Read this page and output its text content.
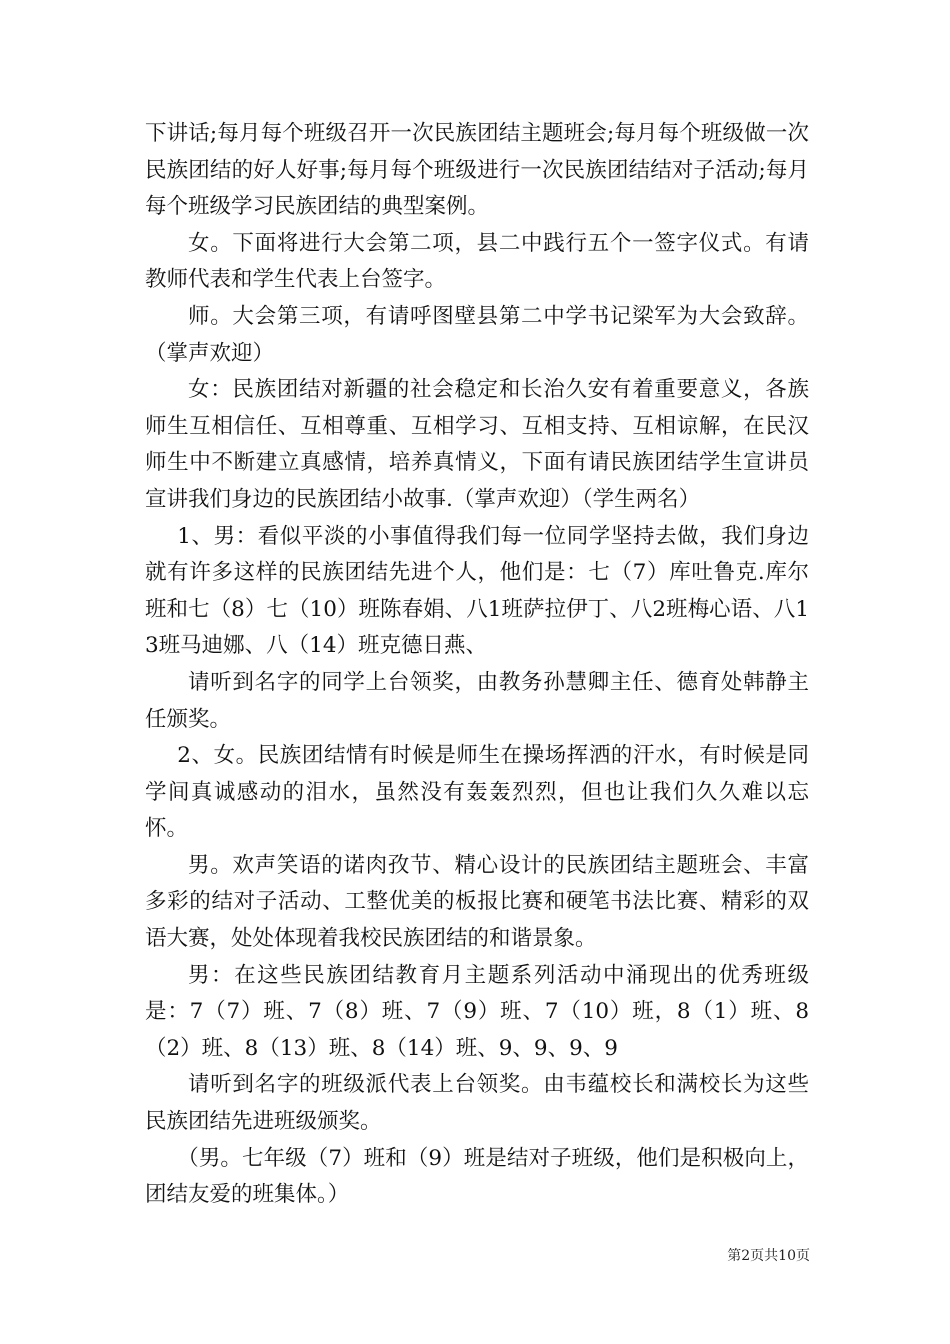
下讲话;每月每个班级召开一次民族团结主题班会;每月每个班级做一次民族团结的好人好事;每月每个班级进行一次民族团结结对子活动;每月每个班级学习民族团结的典型案例。

女。下面将进行大会第二项，县二中践行五个一签字仪式。有请教师代表和学生代表上台签字。

师。大会第三项，有请呼图壁县第二中学书记梁军为大会致辞。（掌声欢迎）

女：民族团结对新疆的社会稳定和长治久安有着重要意义，各族师生互相信任、互相尊重、互相学习、互相支持、互相谅解，在民汉师生中不断建立真感情，培养真情义，下面有请民族团结学生宣讲员宣讲我们身边的民族团结小故事.（掌声欢迎）（学生两名）

1、男：看似平淡的小事值得我们每一位同学坚持去做，我们身边就有许多这样的民族团结先进个人，他们是：七（7）库吐鲁克.库尔班和七（8）七（10）班陈春娟、八1班萨拉伊丁、八2班梅心语、八13班马迪娜、八（14）班克德日燕、

请听到名字的同学上台领奖，由教务孙慧卿主任、德育处韩静主任颁奖。

2、女。民族团结情有时候是师生在操场挥洒的汗水，有时候是同学间真诚感动的泪水，虽然没有轰轰烈烈，但也让我们久久难以忘怀。

男。欢声笑语的诺肉孜节、精心设计的民族团结主题班会、丰富多彩的结对子活动、工整优美的板报比赛和硬笔书法比赛、精彩的双语大赛，处处体现着我校民族团结的和谐景象。

男：在这些民族团结教育月主题系列活动中涌现出的优秀班级是：7（7）班、7（8）班、7（9）班、7（10）班，8（1）班、8（2）班、8（13）班、8（14）班、9、9、9、9

请听到名字的班级派代表上台领奖。由韦蕴校长和满校长为这些民族团结先进班级颁奖。

（男。七年级（7）班和（9）班是结对子班级，他们是积极向上，团结友爱的班集体。）

第2页共10页
